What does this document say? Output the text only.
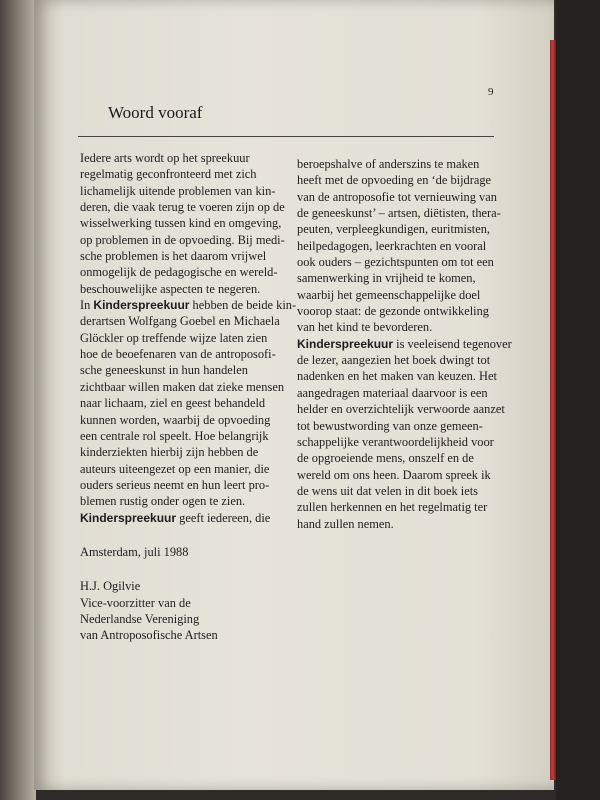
9
Woord vooraf
Iedere arts wordt op het spreekuur
regelmatig geconfronteerd met zich
lichamelijk uitende problemen van kin-
deren, die vaak terug te voeren zijn op de
wisselwerking tussen kind en omgeving,
op problemen in de opvoeding. Bij medi-
sche problemen is het daarom vrijwel
onmogelijk de pedagogische en wereld-
beschouwelijke aspecten te negeren.
In Kinderspreekuur hebben de beide kin-
derartsen Wolfgang Goebel en Michaela
Glöckler op treffende wijze laten zien
hoe de beoefenaren van de antroposofi-
sche geneeskunst in hun handelen
zichtbaar willen maken dat zieke mensen
naar lichaam, ziel en geest behandeld
kunnen worden, waarbij de opvoeding
een centrale rol speelt. Hoe belangrijk
kinderziekten hierbij zijn hebben de
auteurs uiteengezet op een manier, die
ouders serieus neemt en hun leert pro-
blemen rustig onder ogen te zien.
Kinderspreekuur geeft iedereen, die
Amsterdam, juli 1988
H.J. Ogilvie
Vice-voorzitter van de
Nederlandse Vereniging
van Antroposofische Artsen
beroepshalve of anderszins te maken
heeft met de opvoeding en ‘de bijdrage
van de antroposofie tot vernieuwing van
de geneeskunst’ – artsen, diëtisten, thera-
peuten, verpleegkundigen, euritmisten,
heilpedagogen, leerkrachten en vooral
ook ouders – gezichtspunten om tot een
samenwerking in vrijheid te komen,
waarbij het gemeenschappelijke doel
voorop staat: de gezonde ontwikkeling
van het kind te bevorderen.
Kinderspreekuur is veeleisend tegenover
de lezer, aangezien het boek dwingt tot
nadenken en het maken van keuzen. Het
aangedragen materiaal daarvoor is een
helder en overzichtelijk verwoorde aanzet
tot bewustwording van onze gemeen-
schappelijke verantwoordelijkheid voor
de opgroeiende mens, onszelf en de
wereld om ons heen. Daarom spreek ik
de wens uit dat velen in dit boek iets
zullen herkennen en het regelmatig ter
hand zullen nemen.
